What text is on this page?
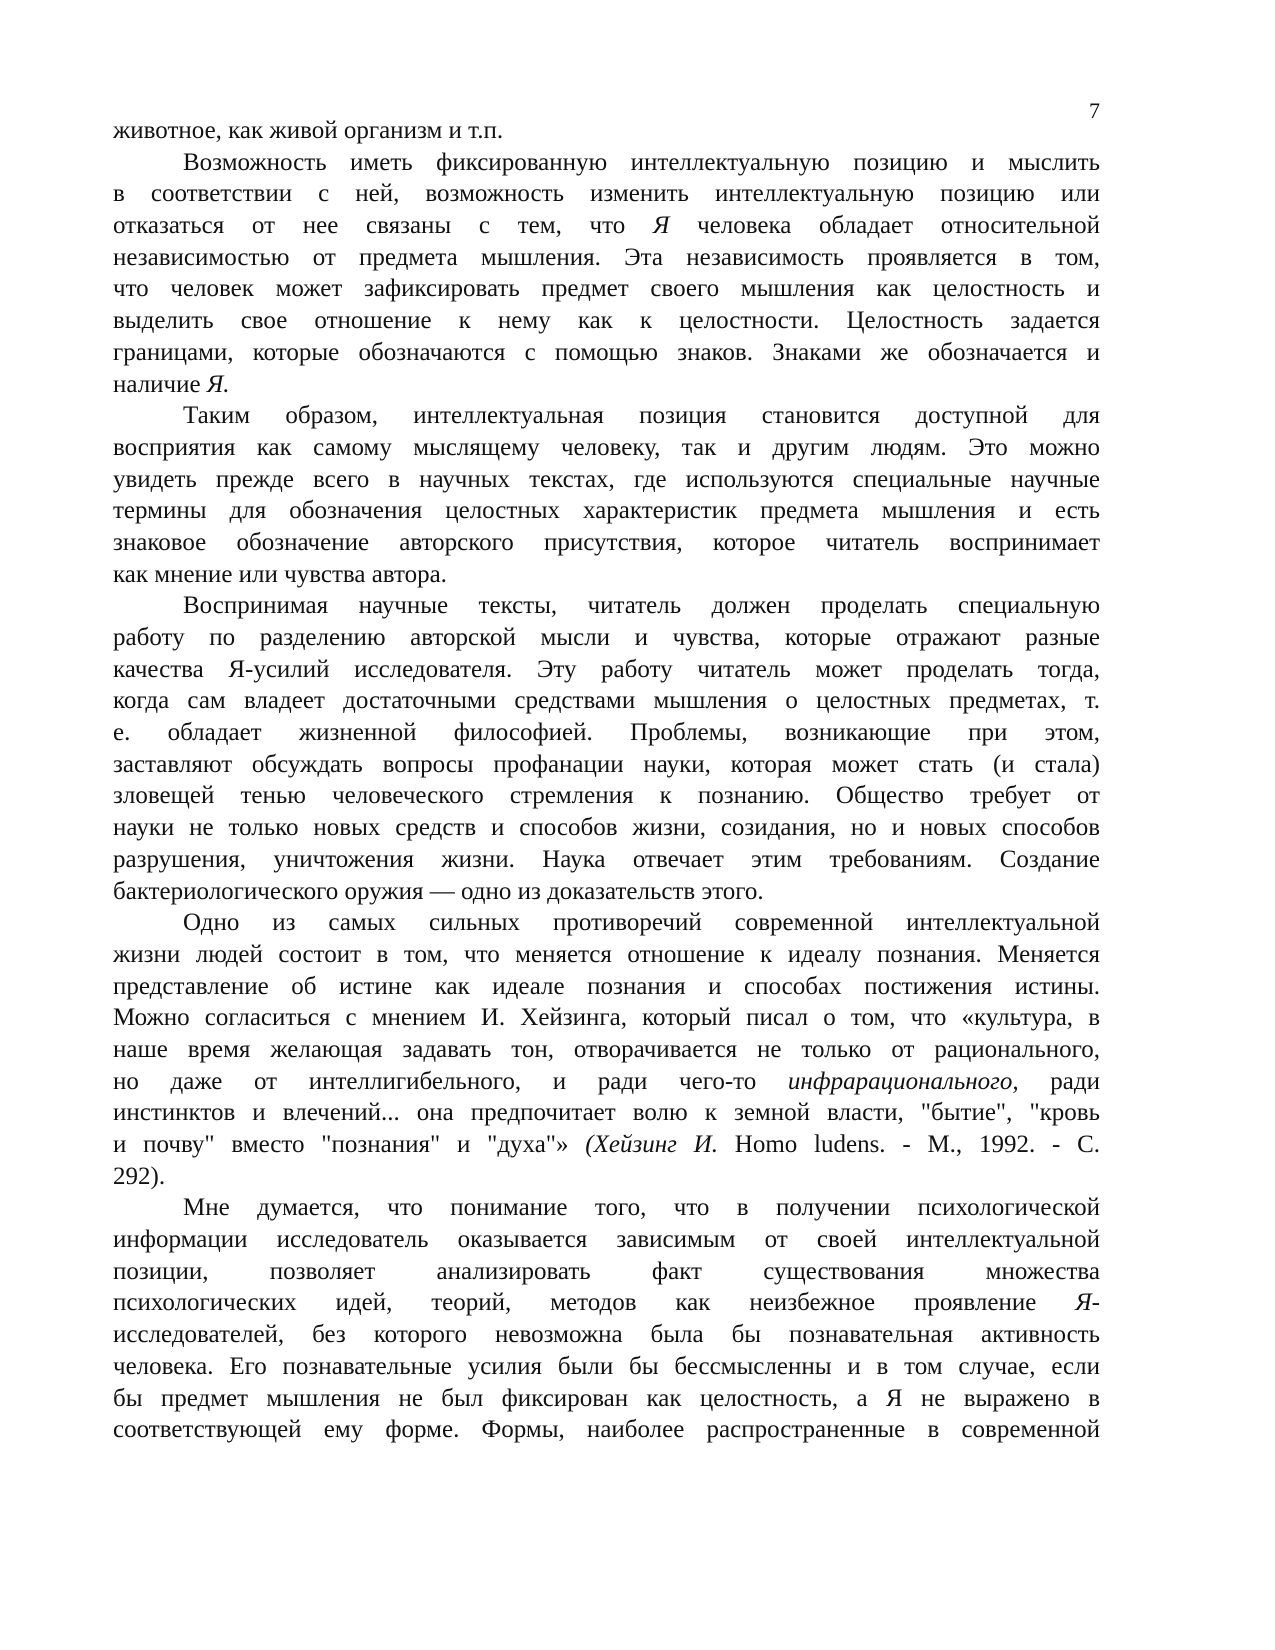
7
животное, как живой организм и т.п.
Возможность иметь фиксированную интеллектуальную позицию и мыслить
в соответствии с ней, возможность изменить интеллектуальную позицию или
отказаться от нее связаны с тем, что Я человека обладает относительной
независимостью от предмета мышления. Эта независимость проявляется в том,
что человек может зафиксировать предмет своего мышления как целостность и
выделить свое отношение к нему как к целостности. Целостность задается
границами, которые обозначаются с помощью знаков. Знаками же обозначается и
наличие Я.
Таким образом, интеллектуальная позиция становится доступной для
восприятия как самому мыслящему человеку, так и другим людям. Это можно
увидеть прежде всего в научных текстах, где используются специальные научные
термины для обозначения целостных характеристик предмета мышления и есть
знаковое обозначение авторского присутствия, которое читатель воспринимает
как мнение или чувства автора.
Воспринимая научные тексты, читатель должен проделать специальную
работу по разделению авторской мысли и чувства, которые отражают разные
качества Я-усилий исследователя. Эту работу читатель может проделать тогда,
когда сам владеет достаточными средствами мышления о целостных предметах, т.
е. обладает жизненной философией. Проблемы, возникающие при этом,
заставляют обсуждать вопросы профанации науки, которая может стать (и стала)
зловещей тенью человеческого стремления к познанию. Общество требует от
науки не только новых средств и способов жизни, созидания, но и новых способов
разрушения, уничтожения жизни. Наука отвечает этим требованиям. Создание
бактериологического оружия — одно из доказательств этого.
Одно из самых сильных противоречий современной интеллектуальной
жизни людей состоит в том, что меняется отношение к идеалу познания. Меняется
представление об истине как идеале познания и способах постижения истины.
Можно согласиться с мнением И. Хейзинга, который писал о том, что «культура, в
наше время желающая задавать тон, отворачивается не только от рационального,
но даже от интеллигибельного, и ради чего-то инфрарационального, ради
инстинктов и влечений... она предпочитает волю к земной власти, "бытие", "кровь
и почву" вместо "познания" и "духа"» (Хейзинг И. Homo ludens. - М., 1992. - С.
292).
Мне думается, что понимание того, что в получении психологической
информации исследователь оказывается зависимым от своей интеллектуальной
позиции, позволяет анализировать факт существования множества
психологических идей, теорий, методов как неизбежное проявление Я-
исследователей, без которого невозможна была бы познавательная активность
человека. Его познавательные усилия были бы бессмысленны и в том случае, если
бы предмет мышления не был фиксирован как целостность, а Я не выражено в
соответствующей ему форме. Формы, наиболее распространенные в современной
